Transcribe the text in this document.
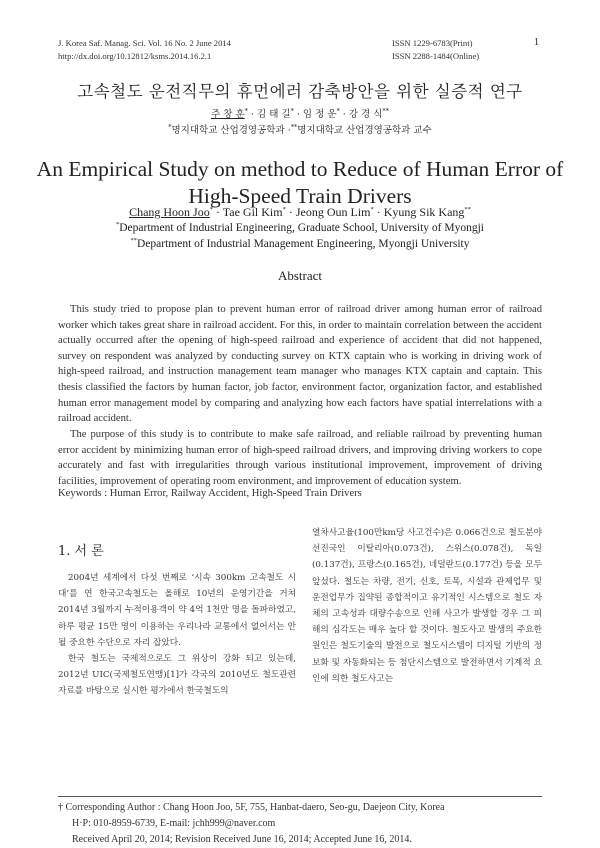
J. Korea Saf. Manag. Sci. Vol. 16 No. 2 June 2014
http://dx.doi.org/10.12812/ksms.2014.16.2.1
ISSN 1229-6783(Print)
ISSN 2288-1484(Online)
1
고속철도 운전직무의 휴먼에러 감축방안을 위한 실증적 연구
주 창 훈* · 김 태 길* · 임 정 운* · 강 경 식**
*명지대학교 산업경영공학과 ·**명지대학교 산업경영공학과 교수
An Empirical Study on method to Reduce of Human Error of
High-Speed Train Drivers
Chang Hoon Joo* · Tae Gil Kim* · Jeong Oun Lim* · Kyung Sik Kang**
*Department of Industrial Engineering, Graduate School, University of Myongji
**Department of Industrial Management Engineering, Myongji University
Abstract

This study tried to propose plan to prevent human error of railroad driver among human error of railroad worker which takes great share in railroad accident. For this, in order to maintain correlation between the accident actually occurred after the opening of high-speed railroad and experience of accident that did not happened, survey on respondent was analyzed by conducting survey on KTX captain who is working in driving work of high-speed railroad, and instruction management team manager who manages KTX captain and captain. This thesis classified the factors by human factor, job factor, environment factor, organization factor, and established human error management model by comparing and analyzing how each factors have spatial interrelations with a railroad accident.

The purpose of this study is to contribute to make safe railroad, and reliable railroad by preventing human error accident by minimizing human error of high-speed railroad drivers, and improving driving workers to cope accurately and fast with irregularities through various institutional improvement, improvement of driving facilities, improvement of operating room environment, and improvement of education system.

Keywords : Human Error, Railway Accident, High-Speed Train Drivers
1. 서 론

2004년 세계에서 다섯 번째로 ‘시속 300km 고속철도 시대’를 연 한국고속철도는 올해로 10년의 운영기간을 거쳐 2014년 3월까지 누적이용객이 약 4억 1천만 명을 돌파하였고, 하루 평균 15만 명이 이용하는 우리나라 교통에서 없어서는 안 될 중요한 수단으로 자리 잡았다.

한국 철도는 국제적으로도 그 위상이 강화 되고 있는데, 2012년 UIC(국제철도연맹)[1]가 각국의 2010년도 철도관련 자료를 바탕으로 실시한 평가에서 한국철도의

열차사고율(100만km당 사고건수)은 0.066건으로 철도분야 선진국인 이탈리아(0.073건), 스위스(0.078건), 독일(0.137건), 프랑스(0.165건), 네덜란드(0.177건) 등을 모두 앞섰다. 철도는 차량, 전기, 신호, 토목, 시설과 관제업무 및 운전업무가 집약된 종합적이고 유기적인 시스템으로 철도 자체의 고속성과 대량수송으로 인해 사고가 발생할 경우 그 피해의 심각도는 매우 높다 할 것이다. 철도사고 발생의 주요한 원인은 철도기술의 발전으로 철도시스템이 디지털 기반의 정보화 및 자동화되는 등 첨단시스템으로 발전하면서 기계적 요인에 의한 철도사고는

† Corresponding Author : Chang Hoon Joo, 5F, 755, Hanbat-daero, Seo-gu, Daejeon City, Korea
H·P: 010-8959-6739, E-mail: jchh999@naver.com
Received April 20, 2014; Revision Received June 16, 2014; Accepted June 16, 2014.
